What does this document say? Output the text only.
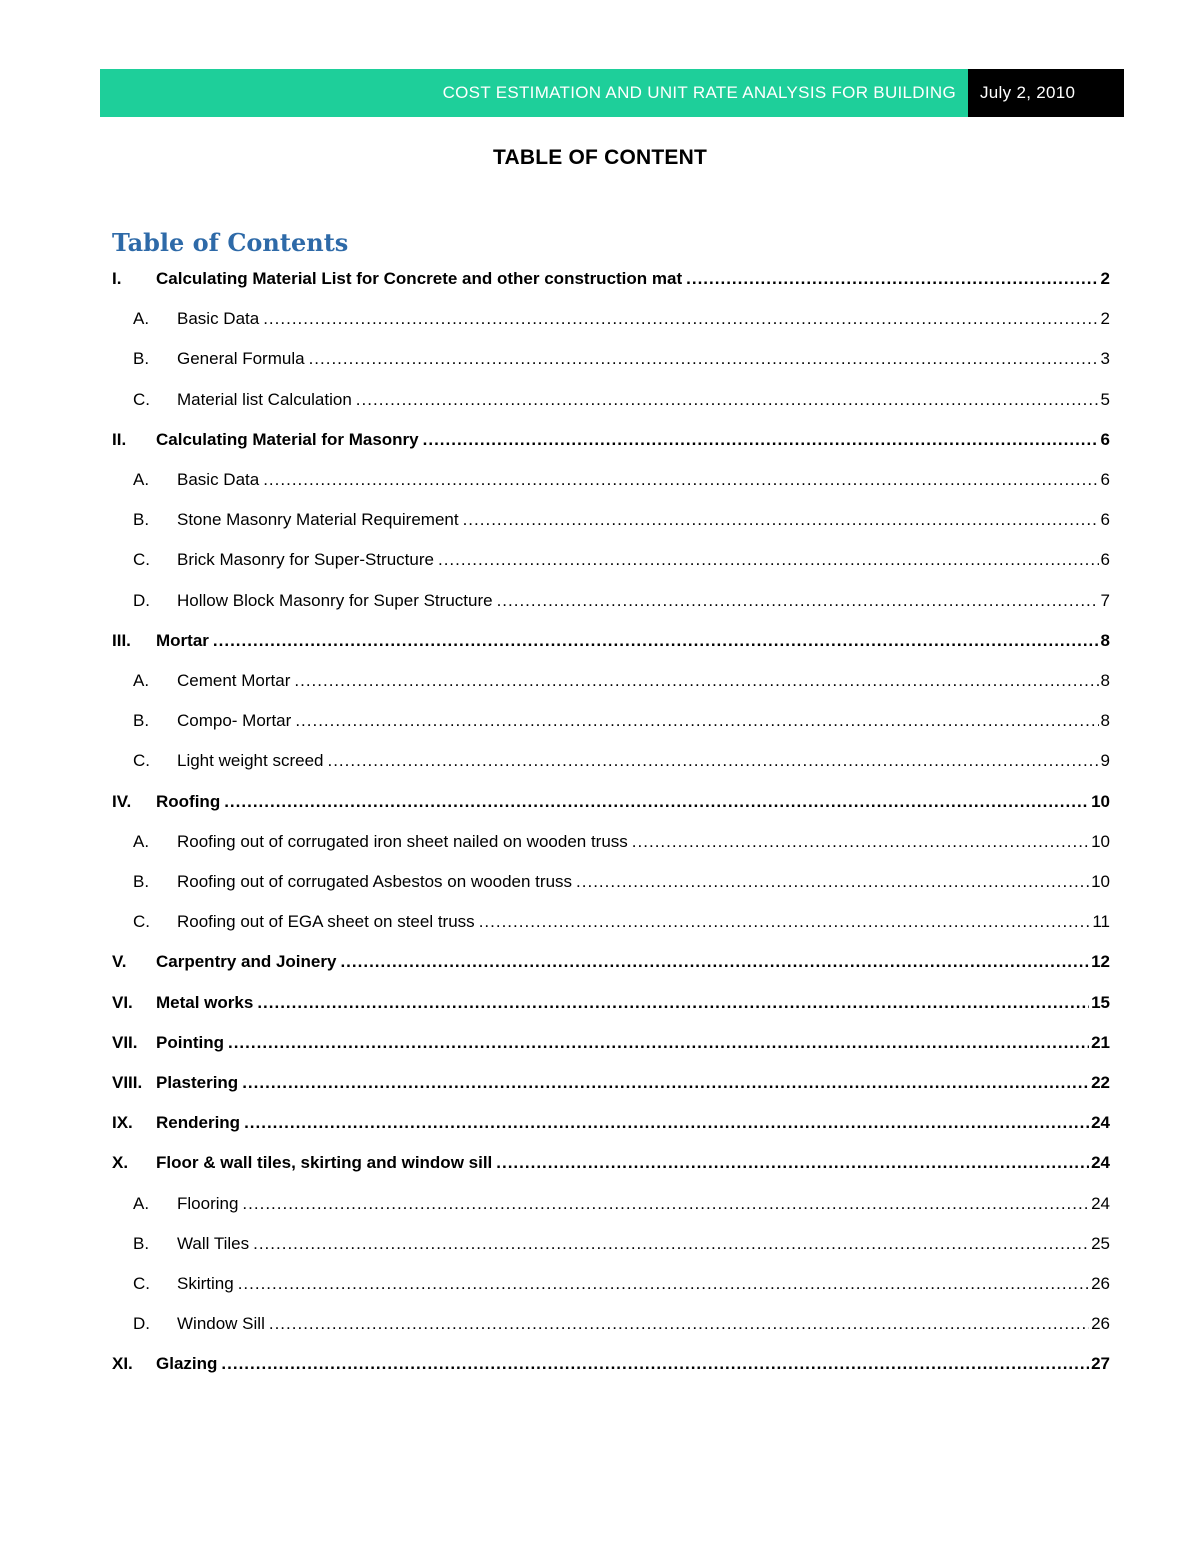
COST ESTIMATION AND UNIT RATE ANALYSIS FOR BUILDING	July 2, 2010
TABLE OF CONTENT
Table of Contents
I.	Calculating Material List for Concrete and other construction mat .....	2
A.	Basic Data .....	2
B.	General Formula .....	3
C.	Material list Calculation .....	5
II.	Calculating Material for Masonry .....	6
A.	Basic Data .....	6
B.	Stone Masonry Material Requirement .....	6
C.	Brick Masonry for Super-Structure .....	6
D.	Hollow Block Masonry for Super Structure .....	7
III.	Mortar .....	8
A.	Cement Mortar .....	8
B.	Compo- Mortar .....	8
C.	Light weight screed .....	9
IV.	Roofing .....	10
A.	Roofing out of corrugated iron sheet nailed on wooden truss .....	10
B.	Roofing out of corrugated Asbestos on wooden truss .....	10
C.	Roofing out of EGA sheet on steel truss .....	11
V.	Carpentry and Joinery .....	12
VI.	Metal works .....	15
VII.	Pointing .....	21
VIII. Plastering .....	22
IX.	Rendering .....	24
X.	Floor & wall tiles, skirting and window sill .....	24
A.	Flooring .....	24
B.	Wall Tiles .....	25
C.	Skirting .....	26
D.	Window Sill .....	26
XI.	Glazing .....	27
